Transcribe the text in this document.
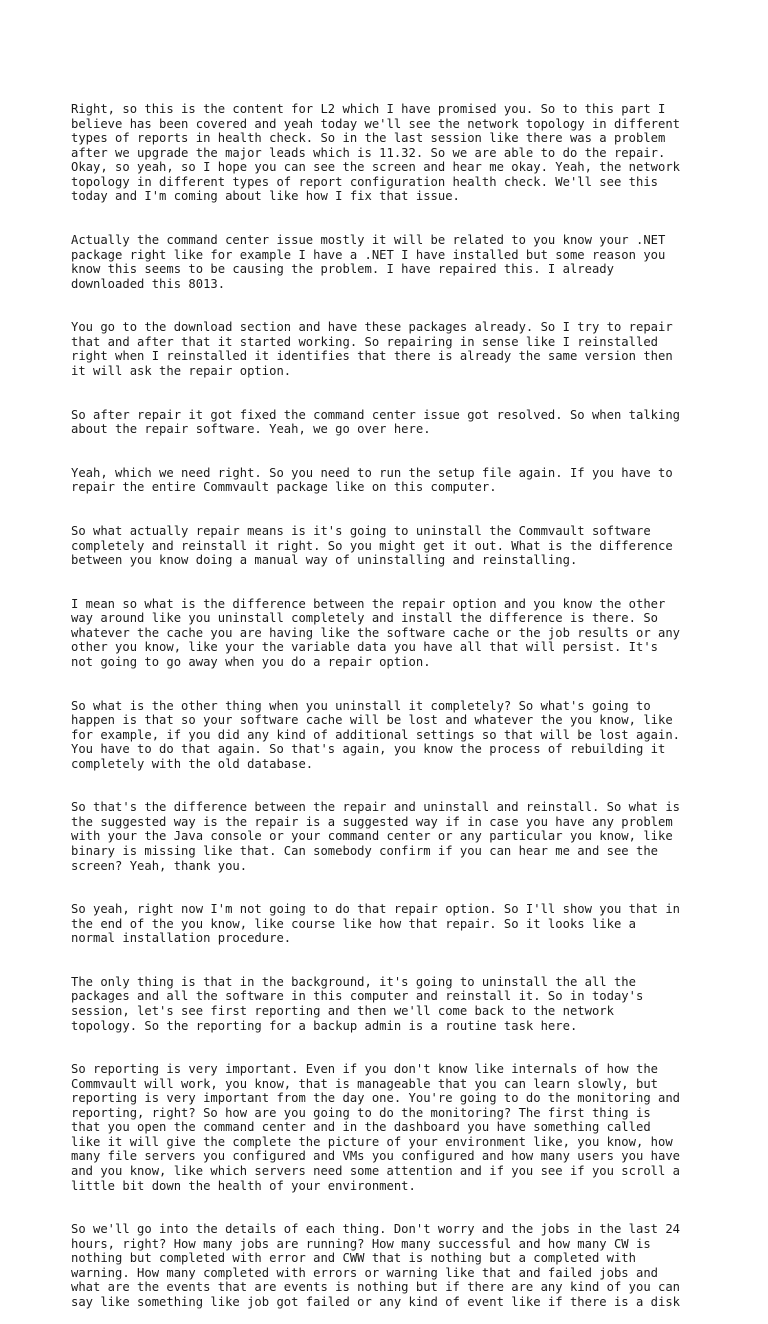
Right, so this is the content for L2 which I have promised you. So to this part I
believe has been covered and yeah today we'll see the network topology in different
types of reports in health check. So in the last session like there was a problem
after we upgrade the major leads which is 11.32. So we are able to do the repair.
Okay, so yeah, so I hope you can see the screen and hear me okay. Yeah, the network
topology in different types of report configuration health check. We'll see this
today and I'm coming about like how I fix that issue.

Actually the command center issue mostly it will be related to you know your .NET
package right like for example I have a .NET I have installed but some reason you
know this seems to be causing the problem. I have repaired this. I already
downloaded this 8013.

You go to the download section and have these packages already. So I try to repair
that and after that it started working. So repairing in sense like I reinstalled
right when I reinstalled it identifies that there is already the same version then
it will ask the repair option.

So after repair it got fixed the command center issue got resolved. So when talking
about the repair software. Yeah, we go over here.

Yeah, which we need right. So you need to run the setup file again. If you have to
repair the entire Commvault package like on this computer.

So what actually repair means is it's going to uninstall the Commvault software
completely and reinstall it right. So you might get it out. What is the difference
between you know doing a manual way of uninstalling and reinstalling.

I mean so what is the difference between the repair option and you know the other
way around like you uninstall completely and install the difference is there. So
whatever the cache you are having like the software cache or the job results or any
other you know, like your the variable data you have all that will persist. It's
not going to go away when you do a repair option.

So what is the other thing when you uninstall it completely? So what's going to
happen is that so your software cache will be lost and whatever the you know, like
for example, if you did any kind of additional settings so that will be lost again.
You have to do that again. So that's again, you know the process of rebuilding it
completely with the old database.

So that's the difference between the repair and uninstall and reinstall. So what is
the suggested way is the repair is a suggested way if in case you have any problem
with your the Java console or your command center or any particular you know, like
binary is missing like that. Can somebody confirm if you can hear me and see the
screen? Yeah, thank you.

So yeah, right now I'm not going to do that repair option. So I'll show you that in
the end of the you know, like course like how that repair. So it looks like a
normal installation procedure.

The only thing is that in the background, it's going to uninstall the all the
packages and all the software in this computer and reinstall it. So in today's
session, let's see first reporting and then we'll come back to the network
topology. So the reporting for a backup admin is a routine task here.

So reporting is very important. Even if you don't know like internals of how the
Commvault will work, you know, that is manageable that you can learn slowly, but
reporting is very important from the day one. You're going to do the monitoring and
reporting, right? So how are you going to do the monitoring? The first thing is
that you open the command center and in the dashboard you have something called
like it will give the complete the picture of your environment like, you know, how
many file servers you configured and VMs you configured and how many users you have
and you know, like which servers need some attention and if you see if you scroll a
little bit down the health of your environment.

So we'll go into the details of each thing. Don't worry and the jobs in the last 24
hours, right? How many jobs are running? How many successful and how many CW is
nothing but completed with error and CWW that is nothing but a completed with
warning. How many completed with errors or warning like that and failed jobs and
what are the events that are events is nothing but if there are any kind of you can
say like something like job got failed or any kind of event like if there is a disk
